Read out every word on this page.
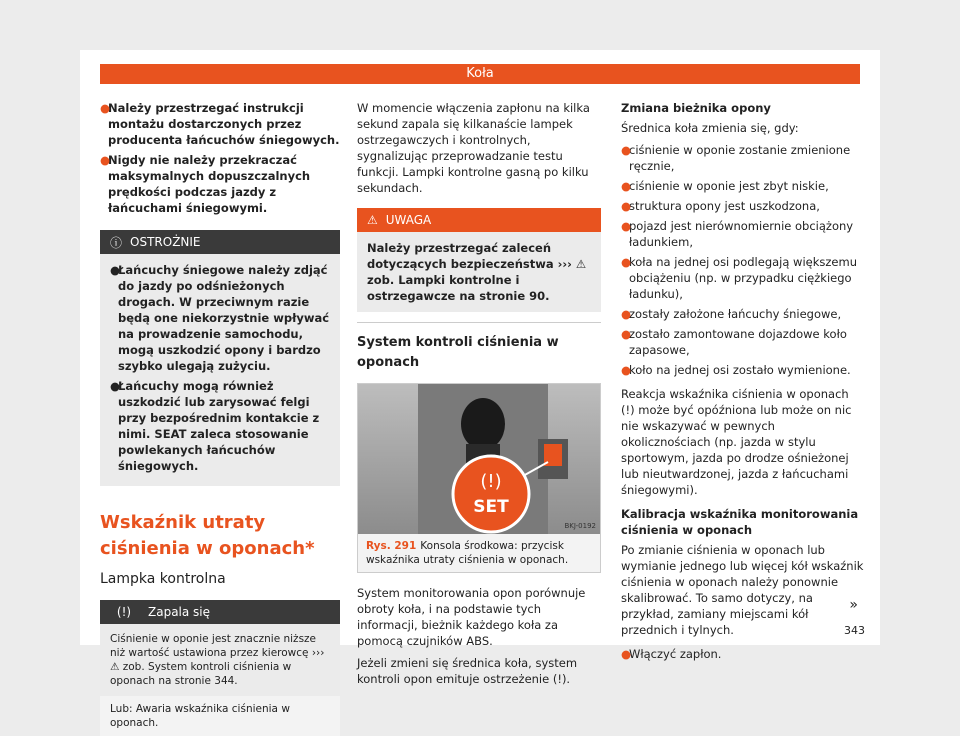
Koła
●
Należy przestrzegać instrukcji montażu dostarczonych przez producenta łańcuchów śniegowych.
●
Nigdy nie należy przekraczać maksymalnych dopuszczalnych prędkości podczas jazdy z łańcuchami śniegowymi.
ⓘ OSTROŻNIE
●
Łańcuchy śniegowe należy zdjąć do jazdy po odśnieżonych drogach. W przeciwnym razie będą one niekorzystnie wpływać na prowadzenie samochodu, mogą uszkodzić opony i bardzo szybko ulegają zużyciu.
●
Łańcuchy mogą również uszkodzić lub zarysować felgi przy bezpośrednim kontakcie z nimi. SEAT zaleca stosowanie powlekanych łańcuchów śniegowych.
Wskaźnik utraty ciśnienia w oponach*
Lampka kontrolna
(!)	Zapala się
Ciśnienie w oponie jest znacznie niższe niż wartość ustawiona przez kierowcę ››› ⚠ zob. System kontroli ciśnienia w oponach na stronie 344.
Lub: Awaria wskaźnika ciśnienia w oponach.
W momencie włączenia zapłonu na kilka sekund zapala się kilkanaście lampek ostrzegawczych i kontrolnych, sygnalizując przeprowadzanie testu funkcji. Lampki kontrolne gasną po kilku sekundach.
⚠ UWAGA
Należy przestrzegać zaleceń dotyczących bezpieczeństwa ››› ⚠ zob. Lampki kontrolne i ostrzegawcze na stronie 90.
System kontroli ciśnienia w oponach
(!)
SET
BKJ-0192
Rys. 291 Konsola środkowa: przycisk wskaźnika utraty ciśnienia w oponach.
System monitorowania opon porównuje obroty koła, i na podstawie tych informacji, bieżnik każdego koła za pomocą czujników ABS.
Jeżeli zmieni się średnica koła, system kontroli opon emituje ostrzeżenie (!).
Zmiana bieżnika opony
Średnica koła zmienia się, gdy:
●
ciśnienie w oponie zostanie zmienione ręcznie,
●
ciśnienie w oponie jest zbyt niskie,
●
struktura opony jest uszkodzona,
●
pojazd jest nierównomiernie obciążony ładunkiem,
●
koła na jednej osi podlegają większemu obciążeniu (np. w przypadku ciężkiego ładunku),
●
zostały założone łańcuchy śniegowe,
●
zostało zamontowane dojazdowe koło zapasowe,
●
koło na jednej osi zostało wymienione.
Reakcja wskaźnika ciśnienia w oponach (!) może być opóźniona lub może on nic nie wskazywać w pewnych okolicznościach (np. jazda w stylu sportowym, jazda po drodze ośnieżonej lub nieutwardzonej, jazda z łańcuchami śniegowymi).
Kalibracja wskaźnika monitorowania ciśnienia w oponach
Po zmianie ciśnienia w oponach lub wymianie jednego lub więcej kół wskaźnik ciśnienia w oponach należy ponownie skalibrować. To samo dotyczy, na przykład, zamiany miejscami kół przednich i tylnych.
●
Włączyć zapłon.
»
343
